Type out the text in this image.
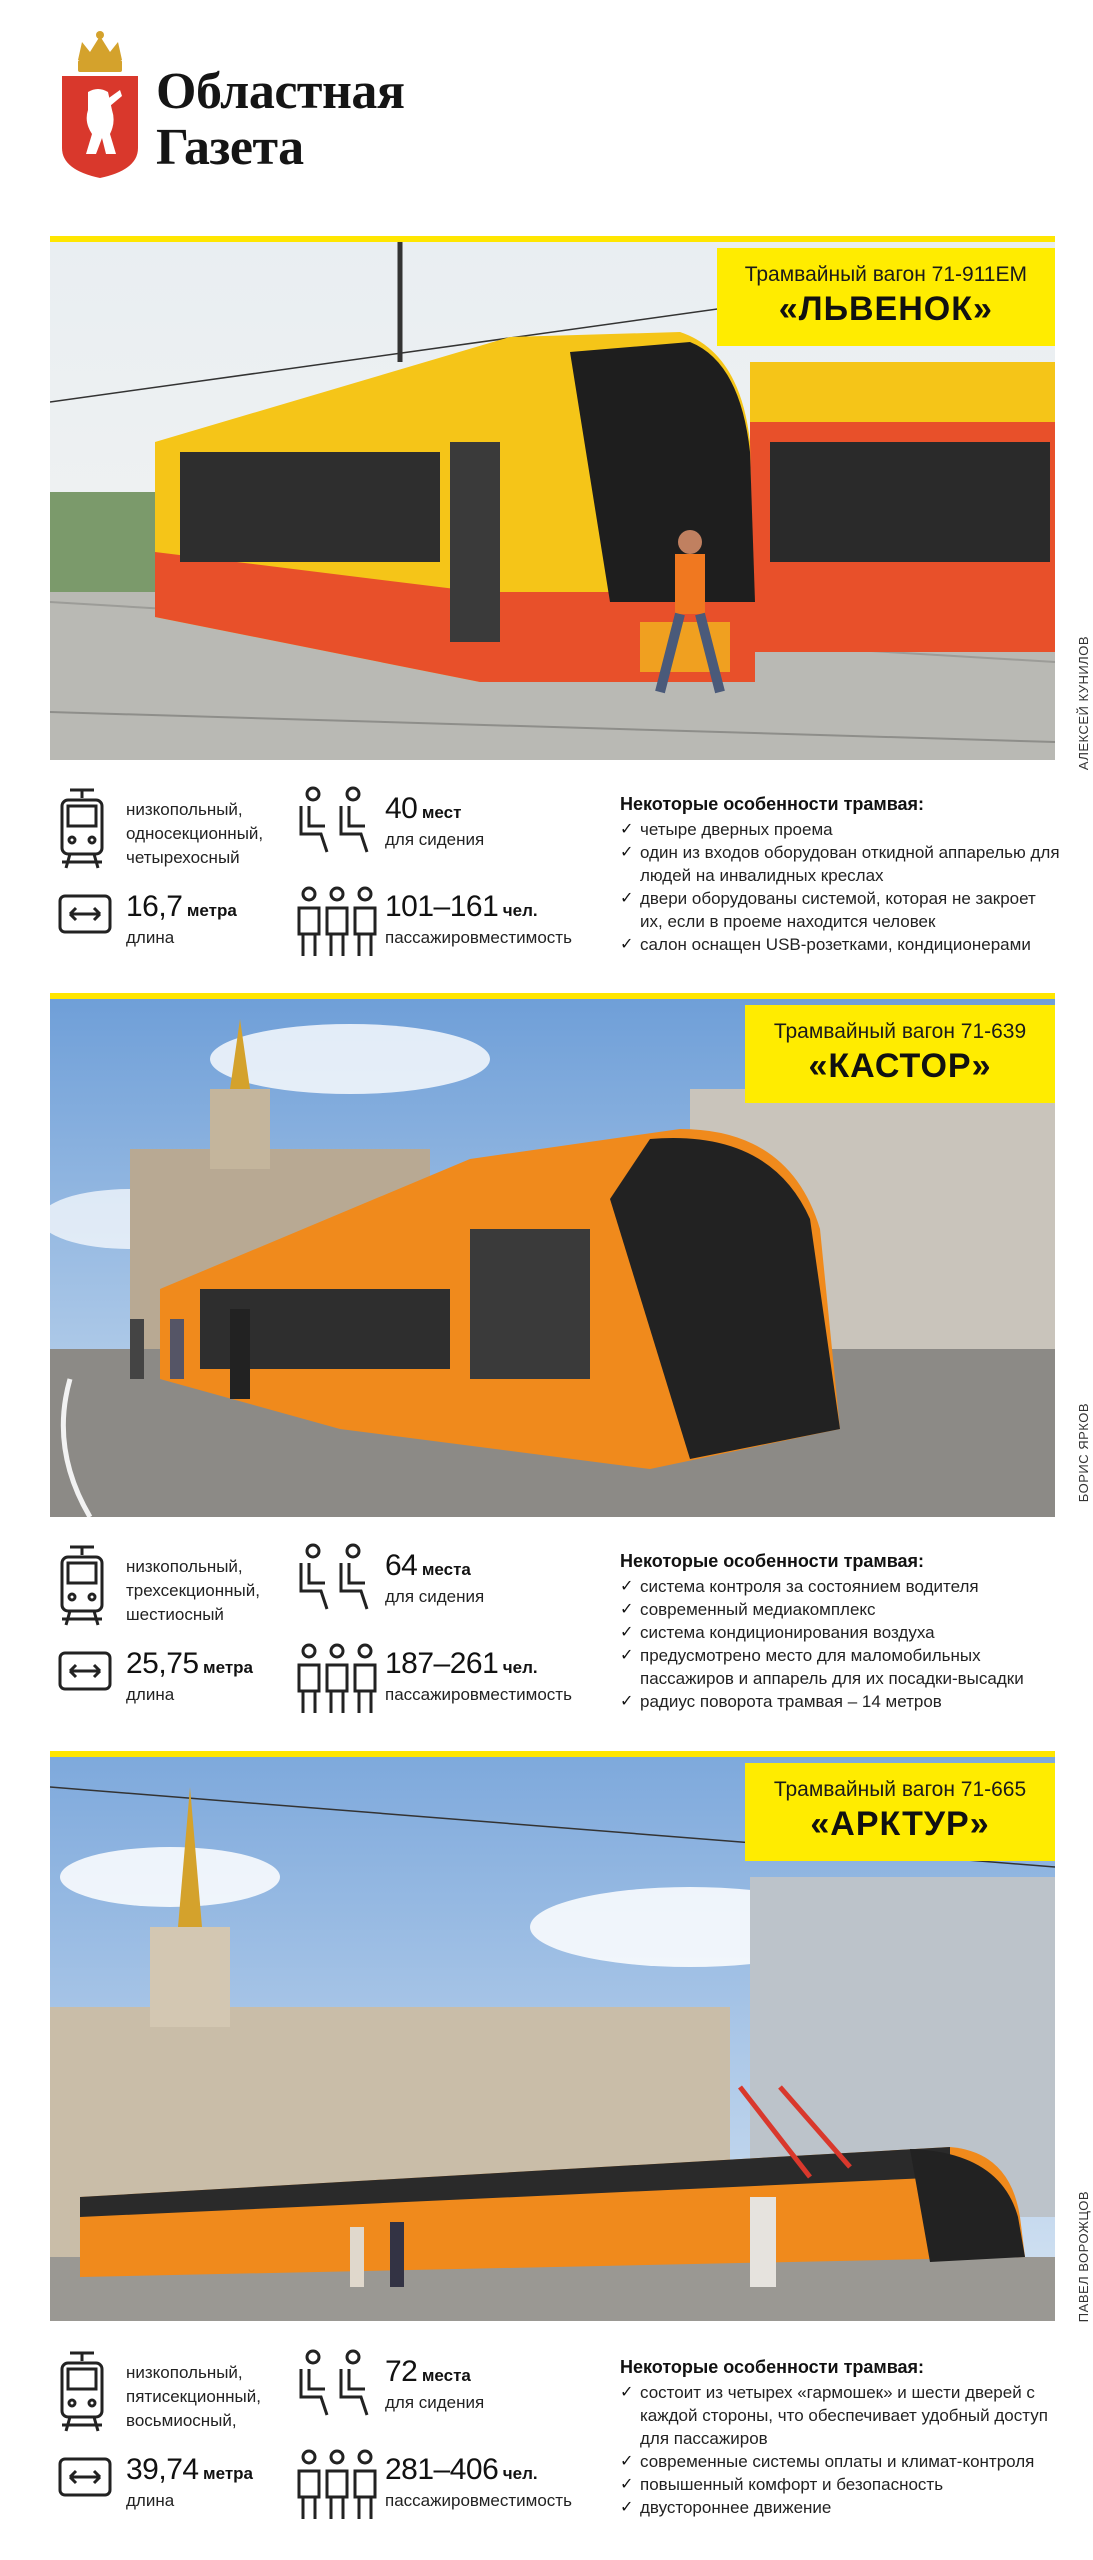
Областная
Газета
Трамвайный вагон 71-911ЕМ
«ЛЬВЕНОК»
АЛЕКСЕЙ КУНИЛОВ
низкопольный,
односекционный,
четырехосный
16,7 метра
длина
40 мест
для сидения
101–161 чел.
пассажировместимость
Некоторые особенности трамвая:
✓ четыре дверных проема
✓ один из входов оборудован откидной аппарелью для людей на инвалидных креслах
✓ двери оборудованы системой, которая не закроет их, если в проеме находится человек
✓ салон оснащен USB-розетками, кондиционерами
Трамвайный вагон 71-639
«КАСТОР»
БОРИС ЯРКОВ
низкопольный,
трехсекционный,
шестиосный
25,75 метра
длина
64 места
для сидения
187–261 чел.
пассажировместимость
Некоторые особенности трамвая:
✓ система контроля за состоянием водителя
✓ современный медиакомплекс
✓ система кондиционирования воздуха
✓ предусмотрено место для маломобильных пассажиров и аппарель для их посадки-высадки
✓ радиус поворота трамвая – 14 метров
Трамвайный вагон 71-665
«АРКТУР»
ПАВЕЛ ВОРОЖЦОВ
низкопольный,
пятисекционный,
восьмиосный,
39,74 метра
длина
72 места
для сидения
281–406 чел.
пассажировместимость
Некоторые особенности трамвая:
✓ состоит из четырех «гармошек» и шести дверей с каждой стороны, что обеспечивает удобный доступ для пассажиров
✓ современные системы оплаты и климат-контроля
✓ повышенный комфорт и безопасность
✓ двустороннее движение
